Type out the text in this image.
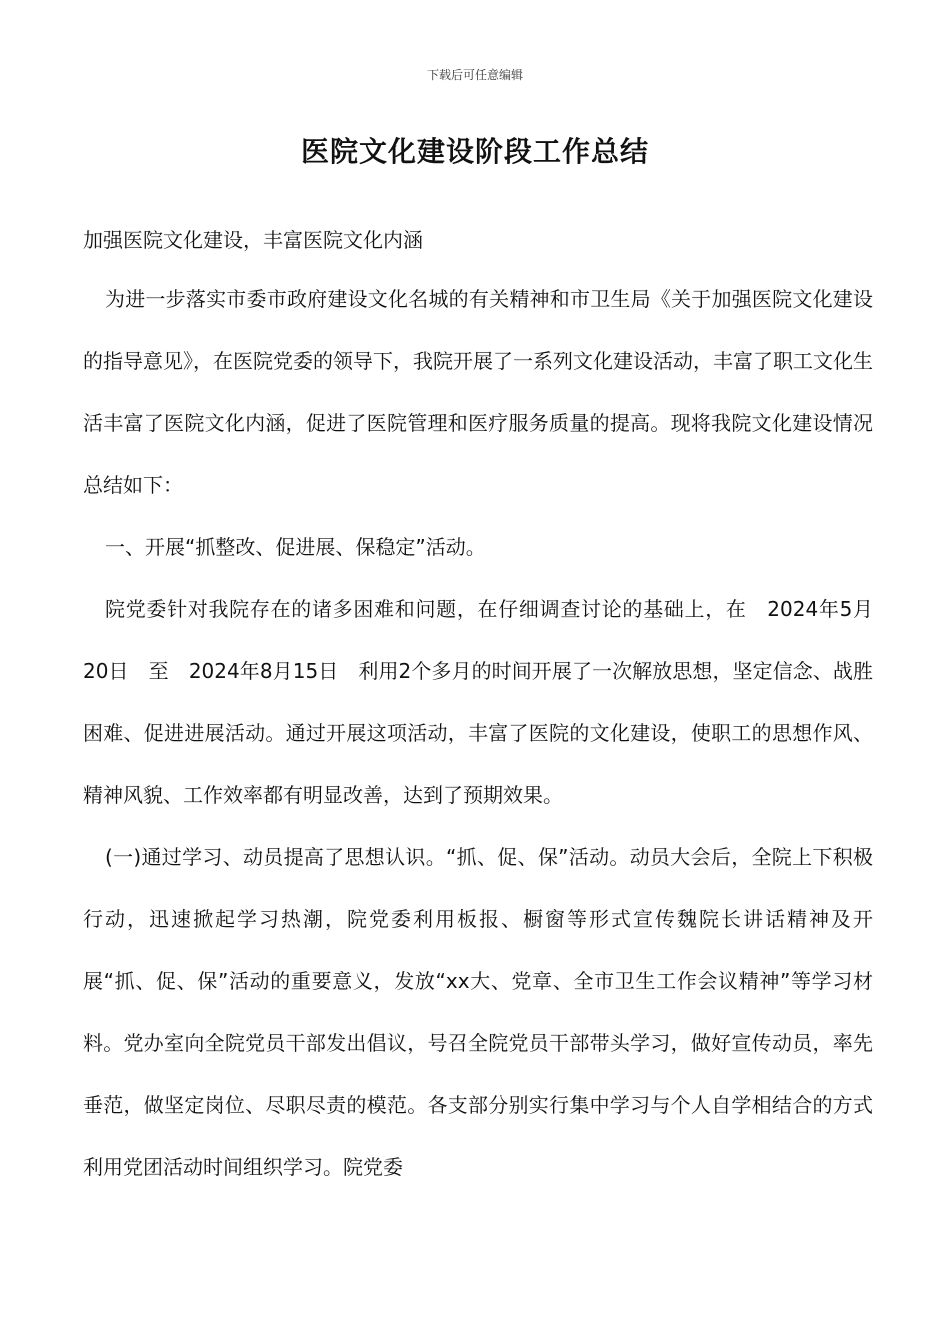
下载后可任意编辑
医院文化建设阶段工作总结

加强医院文化建设，丰富医院文化内涵

为进一步落实市委市政府建设文化名城的有关精神和市卫生局《关于加强医院文化建设的指导意见》，在医院党委的领导下，我院开展了一系列文化建设活动，丰富了职工文化生活丰富了医院文化内涵，促进了医院管理和医疗服务质量的提高。现将我院文化建设情况总结如下：

一、开展“抓整改、促进展、保稳定”活动。

院党委针对我院存在的诸多困难和问题，在仔细调查讨论的基础上，在　2024年5月20日　至　2024年8月15日　利用2个多月的时间开展了一次解放思想，坚定信念、战胜困难、促进进展活动。通过开展这项活动，丰富了医院的文化建设，使职工的思想作风、精神风貌、工作效率都有明显改善，达到了预期效果。

(一)通过学习、动员提高了思想认识。“抓、促、保”活动。动员大会后，全院上下积极行动，迅速掀起学习热潮，院党委利用板报、橱窗等形式宣传魏院长讲话精神及开展“抓、促、保”活动的重要意义，发放“xx大、党章、全市卫生工作会议精神”等学习材料。党办室向全院党员干部发出倡议，号召全院党员干部带头学习，做好宣传动员，率先垂范，做坚定岗位、尽职尽责的模范。各支部分别实行集中学习与个人自学相结合的方式利用党团活动时间组织学习。院党委
